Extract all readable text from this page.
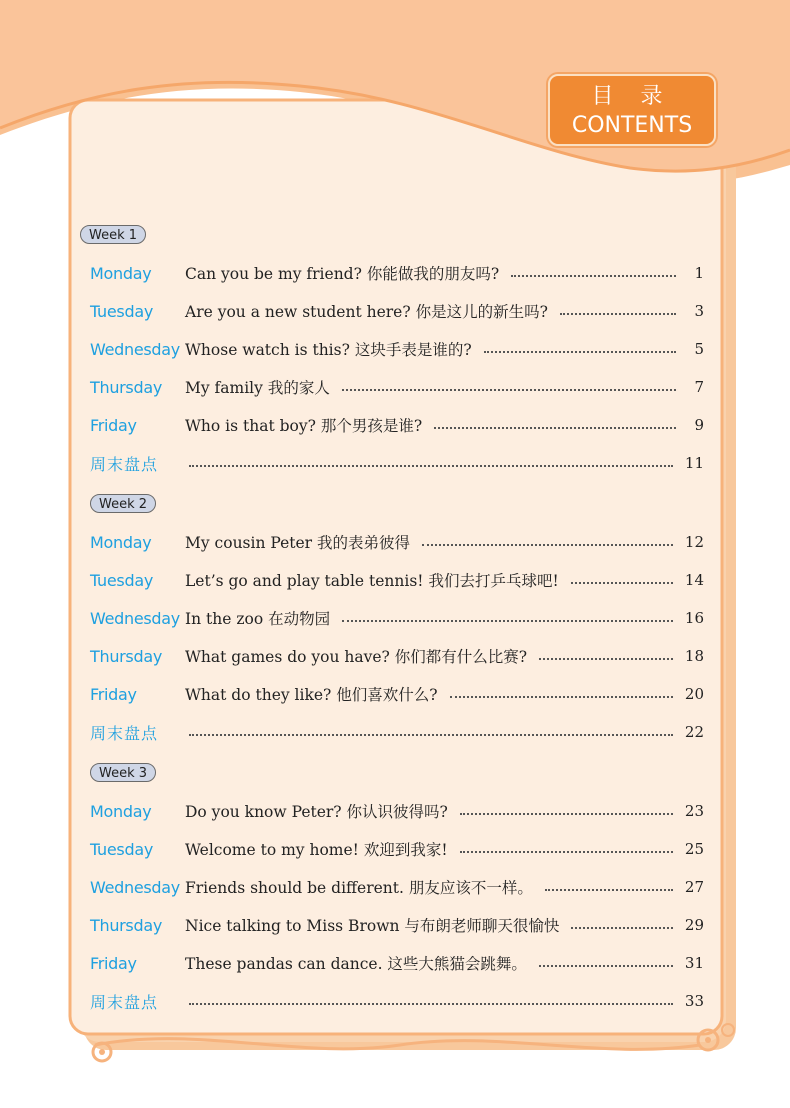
目 录
CONTENTS
Week 1
Monday	Can you be my friend? 你能做我的朋友吗?	1
Tuesday	Are you a new student here? 你是这儿的新生吗?	3
Wednesday Whose watch is this? 这块手表是谁的?	5
Thursday	My family 我的家人	7
Friday	Who is that boy? 那个男孩是谁?	9
周末盘点	11
Week 2
Monday	My cousin Peter 我的表弟彼得	12
Tuesday	Let’s go and play table tennis! 我们去打乒乓球吧!	14
Wednesday In the zoo 在动物园	16
Thursday	What games do you have? 你们都有什么比赛?	18
Friday	What do they like? 他们喜欢什么?	20
周末盘点	22
Week 3
Monday	Do you know Peter? 你认识彼得吗?	23
Tuesday	Welcome to my home! 欢迎到我家!	25
Wednesday Friends should be different. 朋友应该不一样。	27
Thursday	Nice talking to Miss Brown 与布朗老师聊天很愉快	29
Friday	These pandas can dance. 这些大熊猫会跳舞。	31
周末盘点	33
